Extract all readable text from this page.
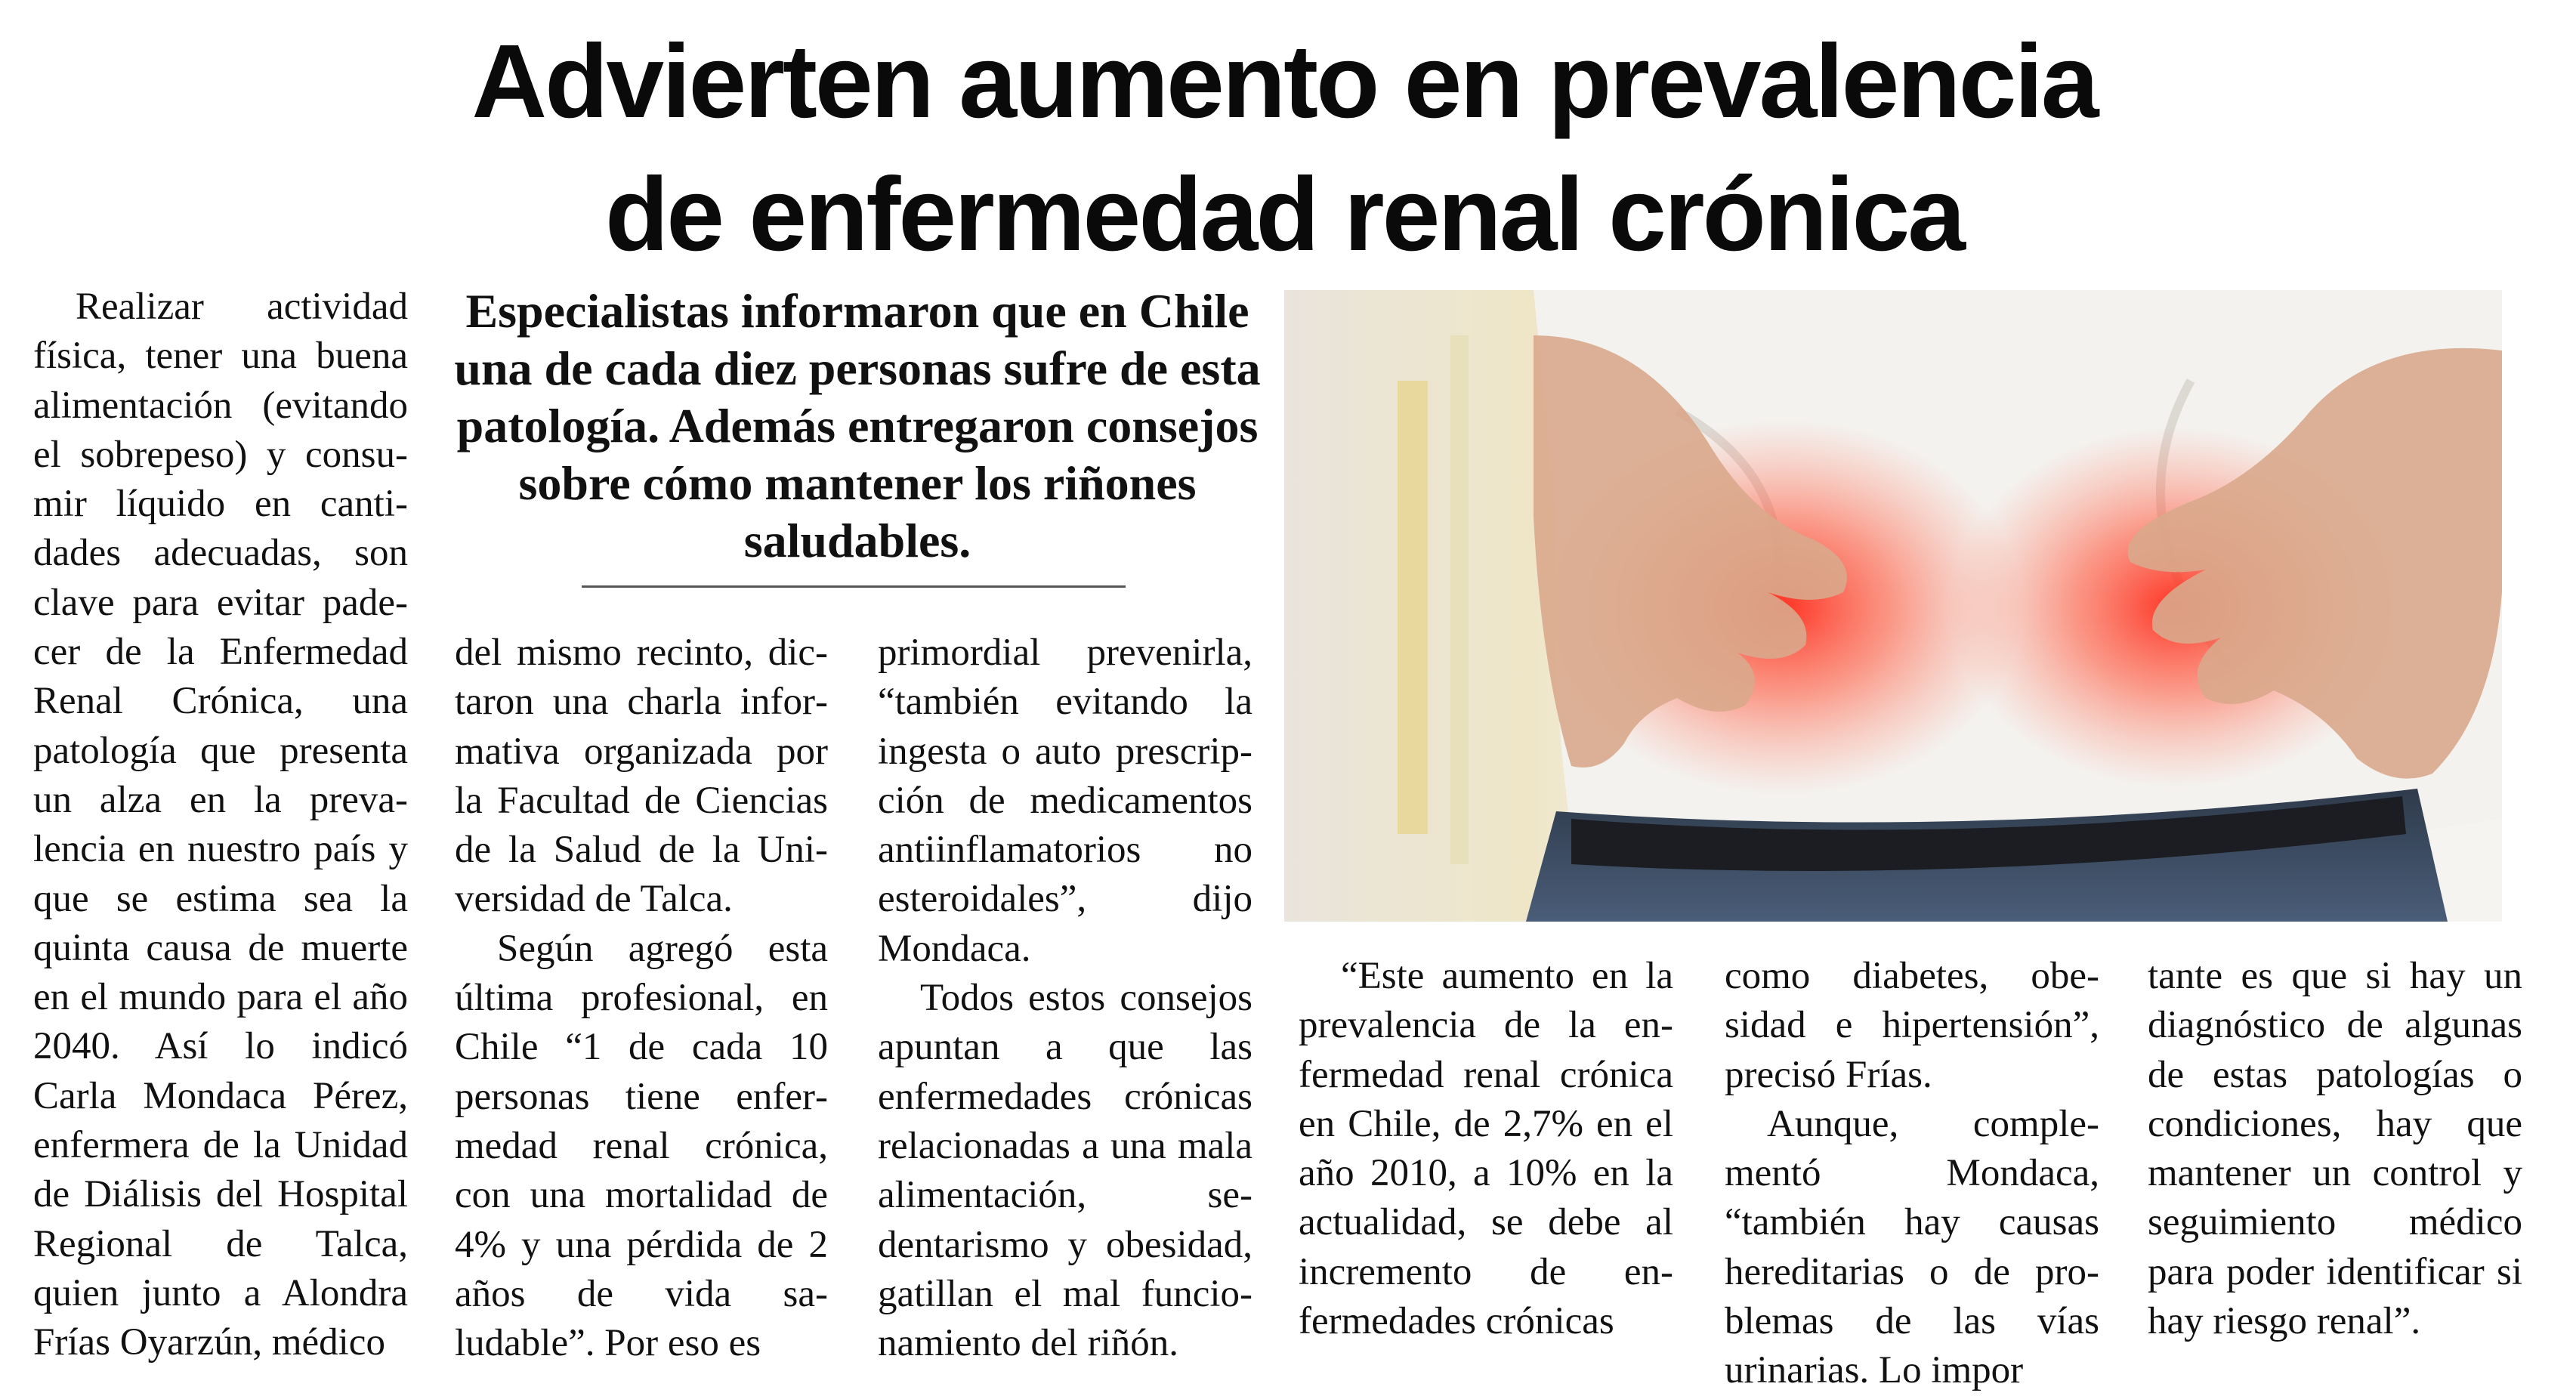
Advierten aumento en prevalencia
de enfermedad renal crónica

Realizar actividad física, tener una buena alimentación (evitando el sobrepeso) y consumir líquido en cantidades adecuadas, son clave para evitar padecer de la Enfermedad Renal Crónica, una patología que presenta un alza en la prevalencia en nuestro país y que se estima sea la quinta causa de muerte en el mundo para el año 2040. Así lo indicó Carla Mondaca Pérez, enfermera de la Unidad de Diálisis del Hospital Regional de Talca, quien junto a Alondra Frías Oyarzún, médico

Especialistas informaron que en Chile una de cada diez personas sufre de esta patología. Además entregaron consejos sobre cómo mantener los riñones saludables.

del mismo recinto, dictaron una charla informativa organizada por la Facultad de Ciencias de la Salud de la Universidad de Talca.

Según agregó esta última profesional, en Chile “1 de cada 10 personas tiene enfermedad renal crónica, con una mortalidad de 4% y una pérdida de 2 años de vida saludable”. Por eso es

primordial prevenirla, “también evitando la ingesta o auto prescripción de medicamentos antiinflamatorios no esteroidales”, dijo Mondaca.

Todos estos consejos apuntan a que las enfermedades crónicas relacionadas a una mala alimentación, sedentarismo y obesidad, gatillan el mal funcionamiento del riñón.

“Este aumento en la prevalencia de la enfermedad renal crónica en Chile, de 2,7% en el año 2010, a 10% en la actualidad, se debe al incremento de enfermedades crónicas

como diabetes, obesidad e hipertensión”, precisó Frías.

Aunque, complementó Mondaca, “también hay causas hereditarias o de problemas de las vías urinarias. Lo impor

tante es que si hay un diagnóstico de algunas de estas patologías o condiciones, hay que mantener un control y seguimiento médico para poder identificar si hay riesgo renal”.
